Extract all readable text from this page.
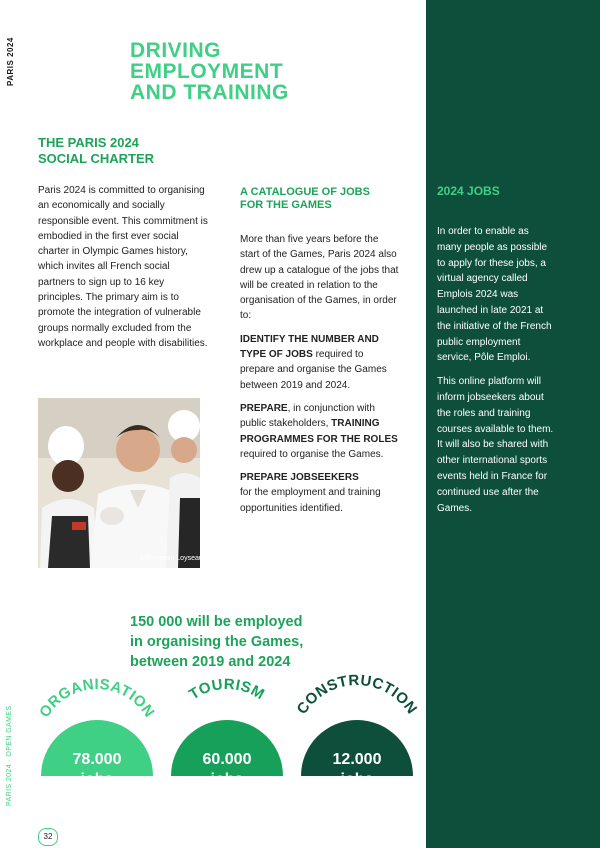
PARIS 2024
PARIS 2024 · OPEN GAMES
DRIVING
EMPLOYMENT
AND TRAINING
THE PARIS 2024
SOCIAL CHARTER
Paris 2024 is committed to organising an economically and socially responsible event. This commitment is embodied in the first ever social charter in Olympic Games history, which invites all French social partners to sign up to 16 key principles. The primary aim is to promote the integration of vulnerable groups normally excluded from the workplace and people with disabilities.
©Benjamin Loyseau
A CATALOGUE OF JOBS
FOR THE GAMES

More than five years before the start of the Games, Paris 2024 also drew up a catalogue of the jobs that will be created in relation to the organisation of the Games, in order to:

IDENTIFY THE NUMBER AND TYPE OF JOBS required to prepare and organise the Games between 2019 and 2024.

PREPARE, in conjunction with public stakeholders, TRAINING PROGRAMMES FOR THE ROLES required to organise the Games.

PREPARE JOBSEEKERS
for the employment and training opportunities identified.

2024 JOBS

In order to enable as many people as possible to apply for these jobs, a virtual agency called Emplois 2024 was launched in late 2021 at the initiative of the French public employment service, Pôle Emploi.

This online platform will inform jobseekers about the roles and training courses available to them. It will also be shared with other international sports events held in France for continued use after the Games.

150 000 will be employed
in organising the Games,
between 2019 and 2024
ORGANISATION
78.000
jobs
TOURISM
60.000
jobs
CONSTRUCTION
12.000
jobs
32
